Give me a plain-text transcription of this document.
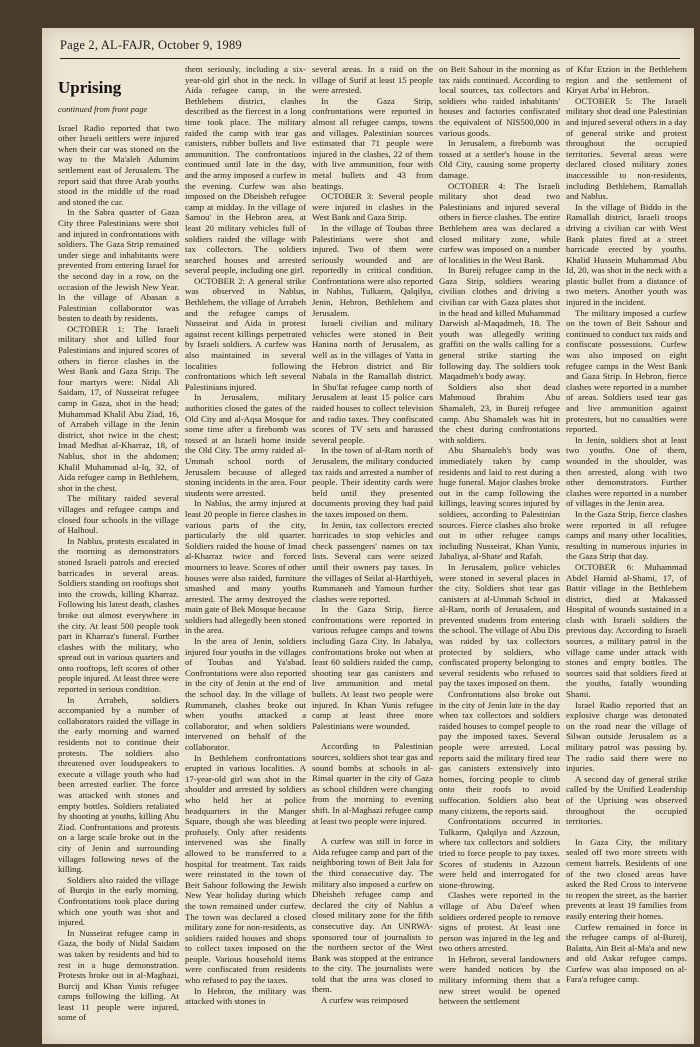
Page 2, AL-FAJR, October 9, 1989
Uprising

continued from front page

Israel Radio reported that two other Israeli settlers were injured when their car was stoned on the way to the Ma'aleh Adumim settlement east of Jerusalem. The report said that three Arab youths stood in the middle of the road and stoned the car.

In the Sabra quarter of Gaza City three Palestinians were shot and injured in confrontations with soldiers. The Gaza Strip remained under siege and inhabitants were prevented from entering Israel for the second day in a row, on the occasion of the Jewish New Year. In the village of Abasan a Palestinian collaborator was beaten to death by residents.

OCTOBER 1: The Israeli military shot and killed four Palestinians and injured scores of others in fierce clashes in the West Bank and Gaza Strip. The four martyrs were: Nidal Ali Saidam, 17, of Nusseirat refugee camp in Gaza, shot in the head; Muhammad Khalil Abu Ziad, 16, of Arrabeh village in the Jenin district, shot twice in the chest; Imad Medhat al-Kharraz, 18, of Nablus, shot in the abdomen; Khalil Muhammad al-Iq, 32, of Aida refugee camp in Bethlehem, shot in the chest.

The military raided several villages and refugee camps and closed four schools in the village of Halhoul.

In Nablus, protests escalated in the morning as demonstrators stoned Israeli patrols and erected barricades in several areas. Soldiers standing on rooftops shot into the crowds, killing Kharraz. Following his latest death, clashes broke out almost everywhere in the city. At least 500 people took part in Kharraz's funeral. Further clashes with the military, who spread out in various quarters and onto rooftops, left scores of other people injured. At least three were reported in serious condition.

In Arrabeh, soldiers accompanied by a number of collaborators raided the village in the early morning and warned residents not to continue their protests. The soldiers also threatened over loudspeakers to execute a village youth who had been arrested earlier. The force was attacked with stones and empty bottles. Soldiers retaliated by shooting at youths, killing Abu Ziad. Confrontations and protests on a large scale broke out in the city of Jenin and surrounding villages following news of the killing.

Soldiers also raided the village of Burqin in the early morning. Confrontations took place during which one youth was shot and injured.

In Nusseirat refugee camp in Gaza, the body of Nidal Saidam was taken by residents and hid to rest in a huge demonstration. Protests broke out in al-Maghazi, Burcij and Khan Yunis refugee camps following the killing. At least 11 people were injured, some of

them seriously, including a six-year-old girl shot in the neck. In Aida refugee camp, in the Bethlehem district, clashes described as the fiercest in a long time took place. The military raided the camp with tear gas canisters, rubber bullets and live ammunition. The confrontations continued until late in the day, and the army imposed a curfew in the evening. Curfew was also imposed on the Dheisheh refugee camp at midday. In the village of Samou' in the Hebron area, at least 20 military vehicles full of soldiers raided the village with tax collectors. The soldiers searched houses and arrested several people, including one girl.

OCTOBER 2: A general strike was observed in Nablus, Bethlehem, the village of Arrabeh and the refugee camps of Nusseirat and Aida in protest against recent killings perpetrated by Israeli soldiers. A curfew was also maintained in several localities following confrontations which left several Palestinians injured.

In Jerusalem, military authorities closed the gates of the Old City and al-Aqsa Mosque for some time after a firebomb was tossed at an Israeli home inside the Old City. The army raided al-Ummah school north of Jerusalem because of alleged stoning incidents in the area. Four students were arrested.

In Nablus, the army injured at least 20 people in fierce clashes in various parts of the city, particularly the old quarter. Soldiers raided the house of Imad al-Kharraz twice and forced mourners to leave. Scores of other houses were also raided, furniture smashed and many youths arrested. The army destroyed the main gate of Bek Mosque because soldiers had allegedly been stoned in the area.

In the area of Jenin, soldiers injured four youths in the villages of Toubas and Ya'abad. Confrontations were also reported in the city of Jenin at the end of the school day. In the village of Rummaneh, clashes broke out when youths attacked a collaborator, and when soldiers intervened on behalf of the collaborator.

In Bethlehem confrontations erupted in various localities. A 17-year-old girl was shot in the shoulder and arrested by soldiers who held her at police headquarters in the Manger Square, though she was bleeding profusely. Only after residents intervened was she finally allowed to be transferred to a hospital for treatment. Tax raids were reinstated in the town of Beit Sahour following the Jewish New Year holiday during which the town remained under curfew. The town was declared a closed military zone for non-residents, as soldiers raided houses and shops to collect taxes imposed on the people. Various household items were confiscated from residents who refused to pay the taxes.

In Hebron, the military was attacked with stones in

several areas. In a raid on the village of Surif at least 15 people were arrested.

In the Gaza Strip, confrontations were reported in almost all refugee camps, towns and villages. Palestinian sources estimated that 71 people were injured in the clashes, 22 of them with live ammunition, four with metal bullets and 43 from beatings.

OCTOBER 3: Several people were injured in clashes in the West Bank and Gaza Strip.

In the village of Toubas three Palestinians were shot and injured. Two of them were seriously wounded and are reportedly in critical condition. Confrontations were also reported in Nablus, Tulkarm, Qalqilya, Jenin, Hebron, Bethlehem and Jerusalem.

Israeli civilian and military vehicles were stoned in Beit Hanina north of Jerusalem, as well as in the villages of Yatta in the Hebron district and Bir Nabala in the Ramallah district. In Shu'fat refugee camp north of Jerusalem at least 15 police cars raided houses to collect television and radio taxes. They confiscated scores of TV sets and harassed several people.

In the town of al-Ram north of Jerusalem, the military conducted tax raids and arrested a number of people. Their identity cards were held until they presented documents proving they had paid the taxes imposed on them.

In Jenin, tax collectors erected barricades to stop vehicles and check passengers' names on tax lists. Several cars were seized until their owners pay taxes. In the villages of Seilat al-Harthiyeh, Rummaneh and Yamoun further clashes were reported.

In the Gaza Strip, fierce confrontations were reported in various refugee camps and towns including Gaza City. In Jabalya, confrontations broke out when at least 60 soldiers raided the camp, shooting tear gas canisters and live ammunition and metal bullets. At least two people were injured. In Khan Yunis refugee camp at least three more Palestinians were wounded.

According to Palestinian sources, soldiers shot tear gas and sound bombs at schools in al-Rimal quarter in the city of Gaza as school children were changing from the morning to evening shift. In al-Maghazi refugee camp at least two people were injured.

A curfew was still in force in Aida refugee camp and part of the neighboring town of Beit Jala for the third consecutive day. The military also imposed a curfew on Dheisheh refugee camp and declared the city of Nablus a closed military zone for the fifth consecutive day. An UNRWA-sponsored tour of journalists to the northern sector of the West Bank was stopped at the entrance to the city. The journalists were told that the area was closed to them.

A curfew was reimposed

on Beit Sahour in the morning as tax raids continued. According to local sources, tax collectors and soldiers who raided inhabitants' houses and factories confiscated the equivalent of NIS500,000 in various goods.

In Jerusalem, a firebomb was tossed at a settler's house in the Old City, causing some property damage.

OCTOBER 4: The Israeli military shot dead two Palestinians and injured several others in fierce clashes. The entire Bethlehem area was declared a closed military zone, while curfew was imposed on a number of localities in the West Bank.

In Bureij refugee camp in the Gaza Strip, soldiers wearing civilian clothes and driving a civilian car with Gaza plates shot in the head and killed Muhammad Darwish al-Maqadmeh, 18. The youth was allegedly writing graffiti on the walls calling for a general strike starting the following day. The soldiers took Maqadmeh's body away.

Soldiers also shot dead Mahmoud Ibrahim Abu Shamaleh, 23, in Bureij refugee camp. Abu Shamaleh was hit in the chest during confrontations with soldiers.

Abu Shamaleh's body was immediately taken by camp residents and laid to rest during a huge funeral. Major clashes broke out in the camp following the killings, leaving scores injured by soldiers, according to Palestinian sources. Fierce clashes also broke out in other refugee camps including Nusseirat, Khan Yunis, Jabaliya, al-Shate' and Rafah.

In Jerusalem, police vehicles were stoned in several places in the city. Soldiers shot tear gas canisters at al-Ummah School in al-Ram, north of Jerusalem, and prevented students from entering the school. The village of Abu Dis was raided by tax collectors protected by soldiers, who confiscated property belonging to several residents who refused to pay the taxes imposed on them.

Confrontations also broke out in the city of Jenin late in the day when tax collectors and soldiers raided houses to compel people to pay the imposed taxes. Several people were arrested. Local reports said the military fired tear gas canisters extensively into homes, forcing people to climb onto their roofs to avoid suffocation. Soldiers also beat many citizens, the reports said.

Confrontations occurred in Tulkarm, Qalqilya and Azzoun, where tax collectors and soldiers tried to force people to pay taxes. Scores of students in Azzoun were held and interrogated for stone-throwing.

Clashes were reported in the village of Abu Da'eef when soldiers ordered people to remove signs of protest. At least one person was injured in the leg and two others arrested.

In Hebron, several landowners were handed notices by the military informing them that a new street would be opened between the settlement

of Kfar Etzion in the Bethlehem region and the settlement of Kiryat Arba' in Hebron.

OCTOBER 5: The Israeli military shot dead one Palestinian and injured several others in a day of general strike and protest throughout the occupied territories. Several areas were declared closed military zones inaccessible to non-residents, including Bethlehem, Ramallah and Nablus.

In the village of Biddo in the Ramallah district, Israeli troops driving a civilian car with West Bank plates fired at a street barricade erected by youths. Khalid Hussein Muhammad Abu Id, 20, was shot in the neck with a plastic bullet from a distance of two meters. Another youth was injured in the incident.

The military imposed a curfew on the town of Beit Sahour and continued to conduct tax raids and confiscate possessions. Curfew was also imposed on eight refugee camps in the West Bank and Gaza Strip. In Hebron, fierce clashes were reported in a number of areas. Soldiers used tear gas and live ammunition against protesters, but no casualties were reported.

In Jenin, soldiers shot at least two youths. One of them, wounded in the shoulder, was then arrested, along with two other demonstrators. Further clashes were reported in a number of villages in the Jenin area.

In the Gaza Strip, fierce clashes were reported in all refugee camps and many other localities, resulting in numerous injuries in the Gaza Strip that day.

OCTOBER 6: Muhammad Abdel Hamid al-Shami, 17, of Battir village in the Bethlehem district, died at Makassed Hospital of wounds sustained in a clash with Israeli soldiers the previous day. According to Israeli sources, a military patrol in the village came under attack with stones and empty bottles. The sources said that soldiers fired at the youths, fatally wounding Shami.

Israel Radio reported that an explosive charge was detonated on the road near the village of Silwan outside Jerusalem as a military patrol was passing by. The radio said there were no injuries.

A second day of general strike called by the Unified Leadership of the Uprising was observed throughout the occupied territories.

In Gaza City, the military sealed off two more streets with cement barrels. Residents of one of the two closed areas have asked the Red Cross to intervene to reopen the street, as the barrier prevents at least 19 families from easily entering their homes.

Curfew remained in force in the refugee camps of al-Bureij, Balatta, Ain Beit al-Ma'a and new and old Askar refugee camps. Curfew was also imposed on al-Fara'a refugee camp.
